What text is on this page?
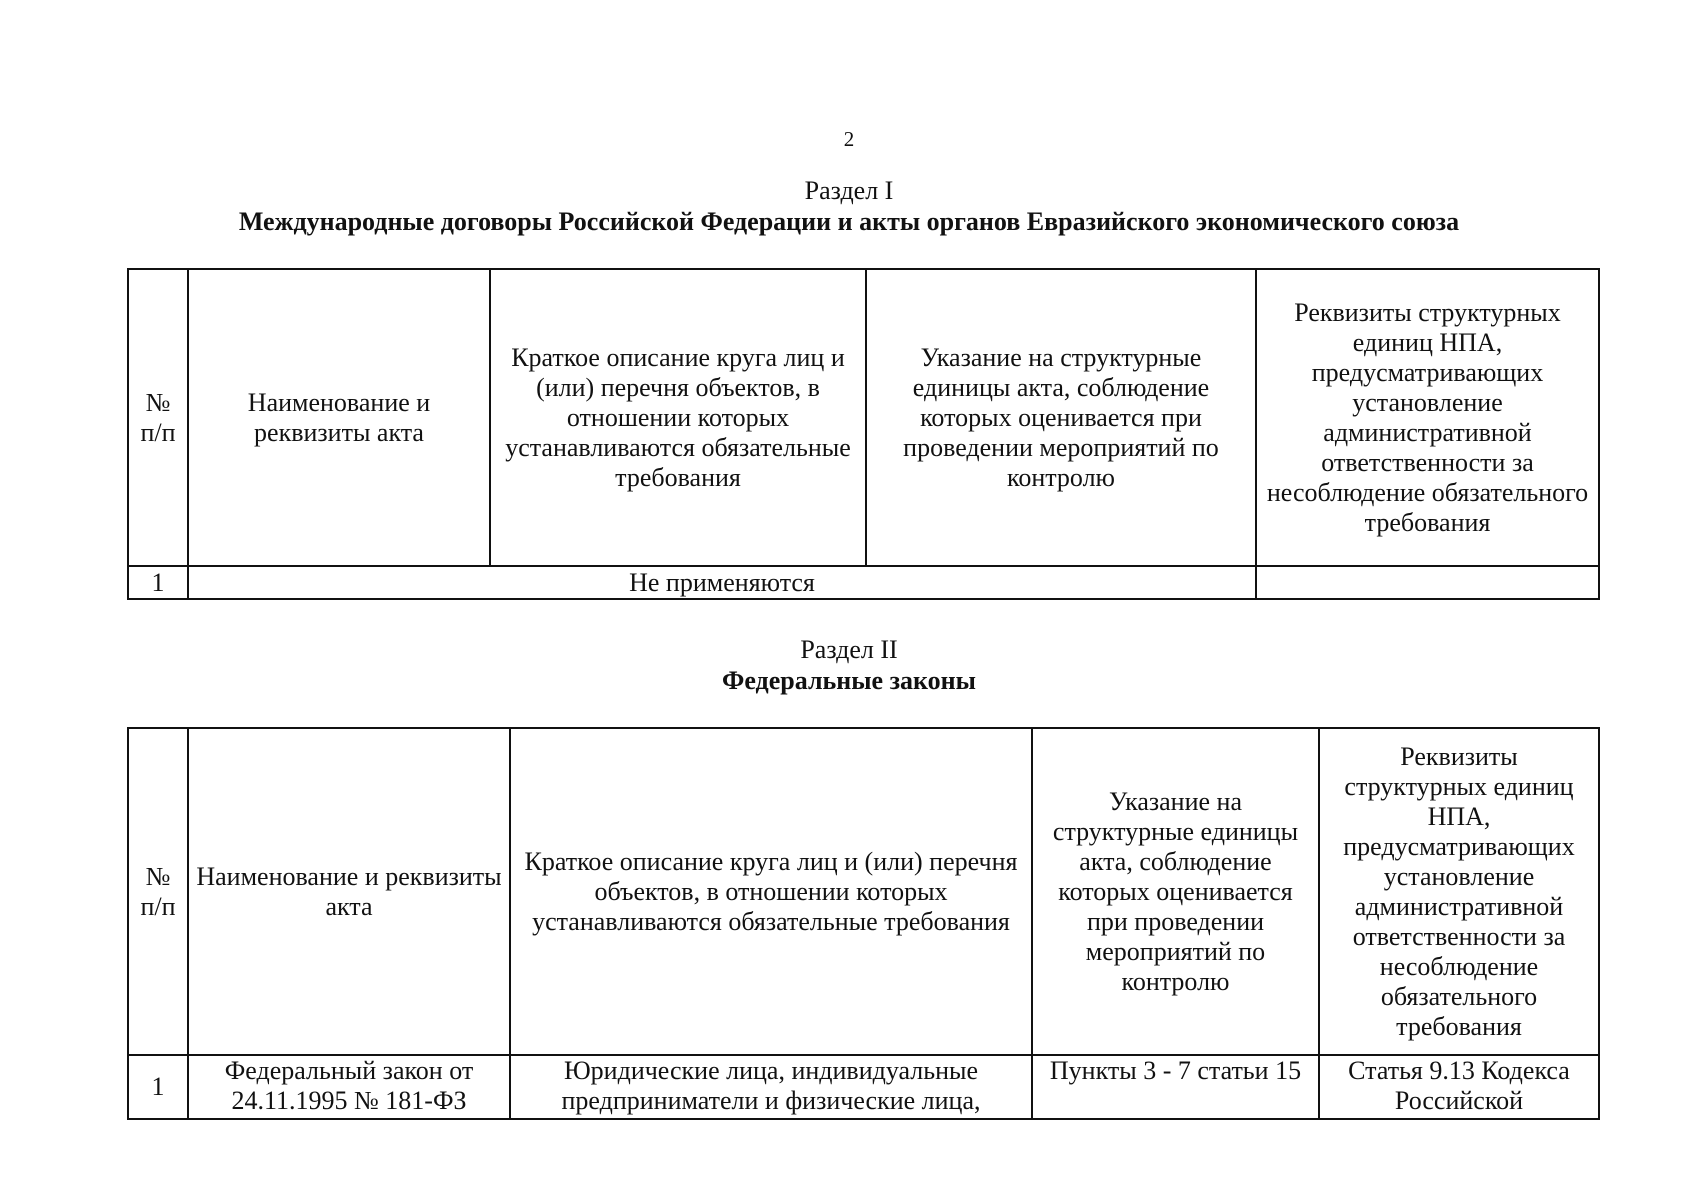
2
Раздел I
Международные договоры Российской Федерации и акты органов Евразийского экономического союза
№ п/п	Наименование и реквизиты акта	Краткое описание круга лиц и (или) перечня объектов, в отношении которых устанавливаются обязательные требования	Указание на структурные единицы акта, соблюдение которых оценивается при проведении мероприятий по контролю	Реквизиты структурных единиц НПА, предусматривающих установление административной ответственности за несоблюдение обязательного требования
1	Не применяются			
Раздел II
Федеральные законы
№ п/п	Наименование и реквизиты акта	Краткое описание круга лиц и (или) перечня объектов, в отношении которых устанавливаются обязательные требования	Указание на структурные единицы акта, соблюдение которых оценивается при проведении мероприятий по контролю	Реквизиты структурных единиц НПА, предусматривающих установление административной ответственности за несоблюдение обязательного требования
1	Федеральный закон от 24.11.1995 № 181-ФЗ	Юридические лица, индивидуальные предприниматели и физические лица,	Пункты 3 - 7 статьи 15	Статья 9.13 Кодекса Российской
